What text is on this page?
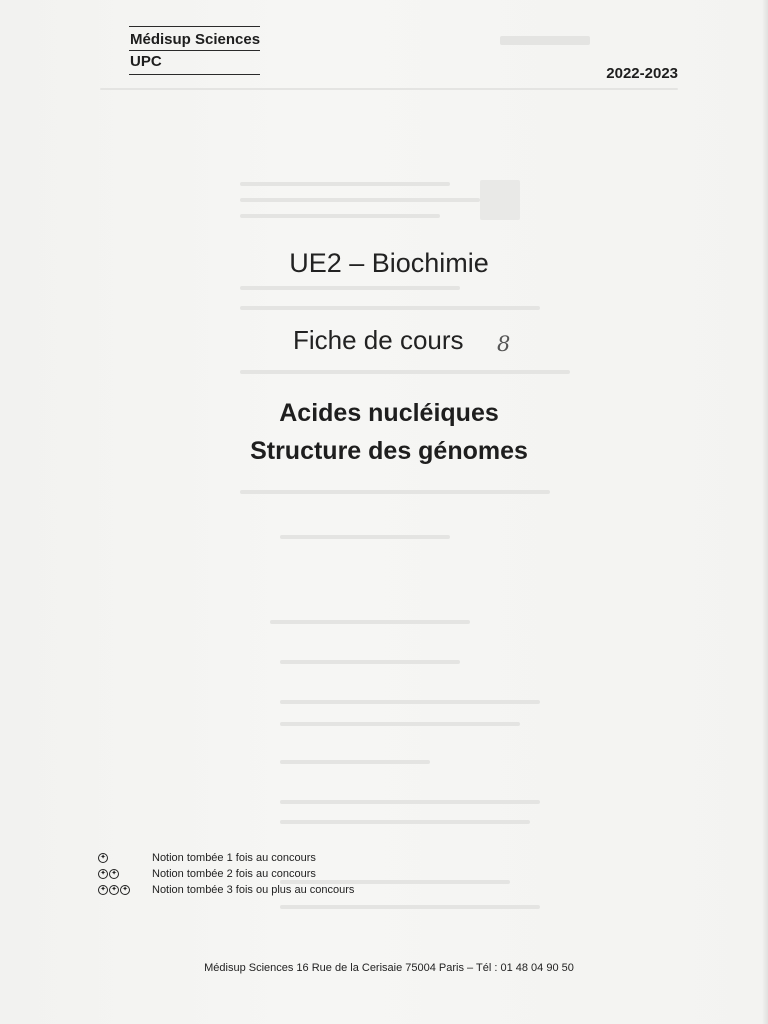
Médisup Sciences
UPC
2022-2023
UE2 – Biochimie
Fiche de cours 8
Acides nucléiques
Structure des génomes
✦
Notion tombée 1 fois au concours
✦
✦
Notion tombée 2 fois au concours
✦
✦
✦
Notion tombée 3 fois ou plus au concours
Médisup Sciences 16 Rue de la Cerisaie 75004 Paris – Tél : 01 48 04 90 50
